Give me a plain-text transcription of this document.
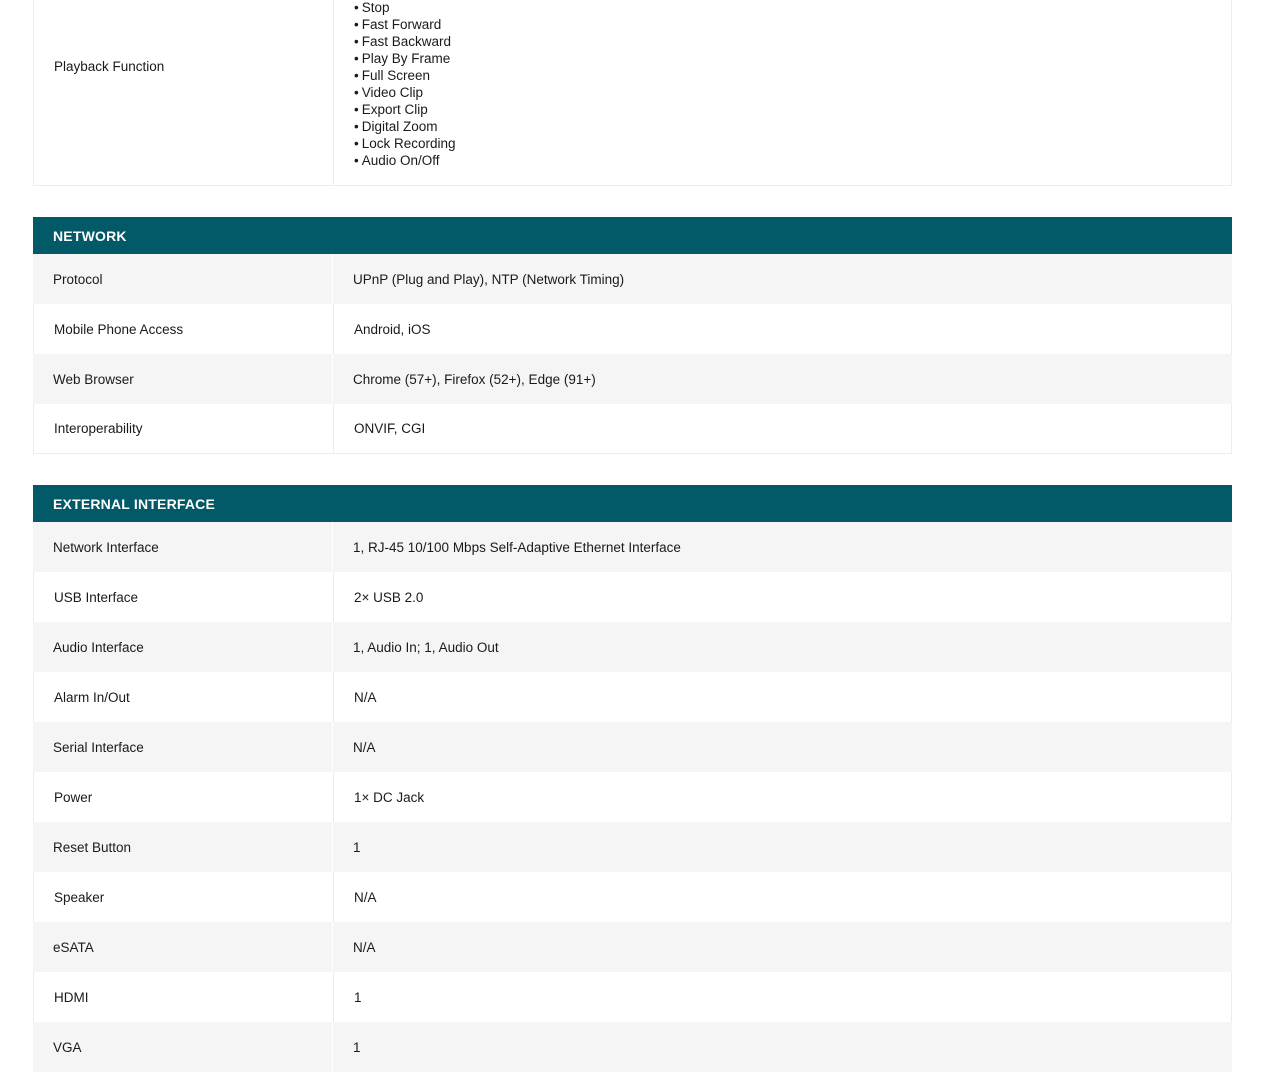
Playback Function
• Stop
• Fast Forward
• Fast Backward
• Play By Frame
• Full Screen
• Video Clip
• Export Clip
• Digital Zoom
• Lock Recording
• Audio On/Off
NETWORK
Protocol	UPnP (Plug and Play), NTP (Network Timing)
Mobile Phone Access	Android, iOS
Web Browser	Chrome (57+), Firefox (52+), Edge (91+)
Interoperability	ONVIF, CGI
EXTERNAL INTERFACE
Network Interface	1, RJ-45 10/100 Mbps Self-Adaptive Ethernet Interface
USB Interface	2× USB 2.0
Audio Interface	1, Audio In; 1, Audio Out
Alarm In/Out	N/A
Serial Interface	N/A
Power	1× DC Jack
Reset Button	1
Speaker	N/A
eSATA	N/A
HDMI	1
VGA	1
